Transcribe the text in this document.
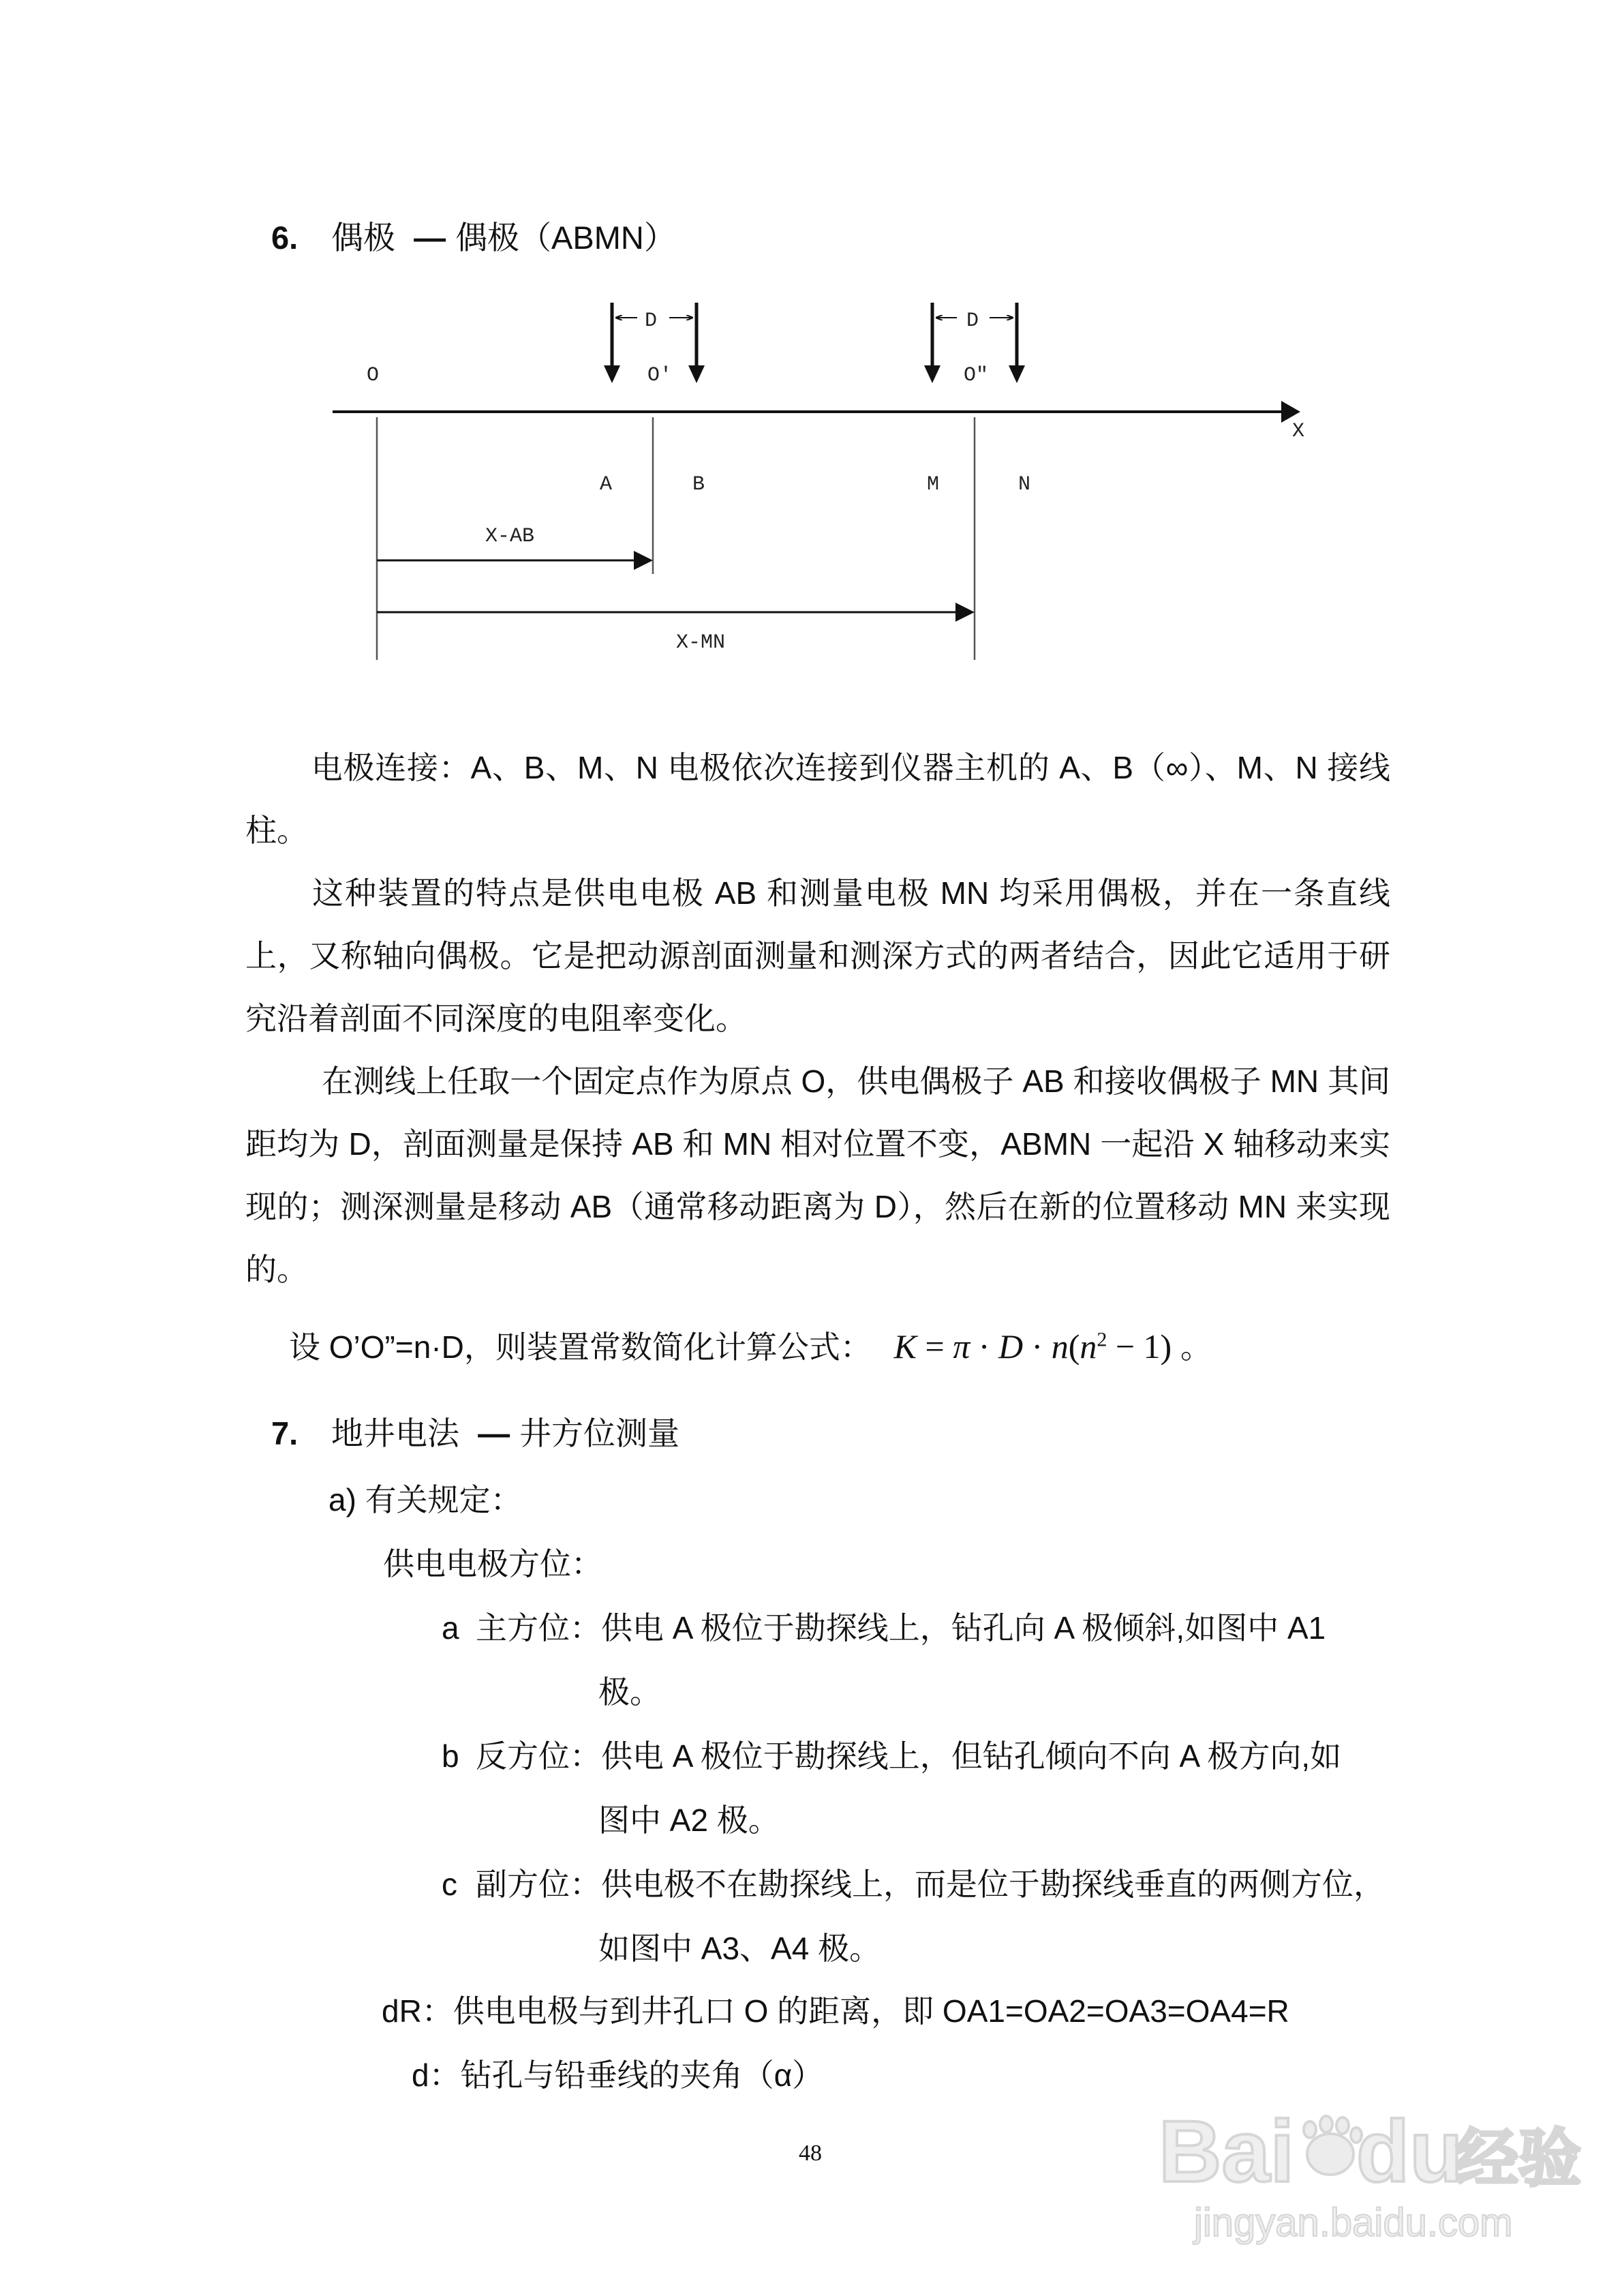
6. 偶极 — 偶极（ABMN）
O
D
O′
D
O″
X
A	B	M	N
X-AB
X-MN
电极连接：A、B、M、N 电极依次连接到仪器主机的 A、B（∞）、M、N 接线柱。
这种装置的特点是供电电极 AB 和测量电极 MN 均采用偶极，并在一条直线上，又称轴向偶极。它是把动源剖面测量和测深方式的两者结合，因此它适用于研究沿着剖面不同深度的电阻率变化。
在测线上任取一个固定点作为原点 O，供电偶极子 AB 和接收偶极子 MN 其间距均为 D，剖面测量是保持 AB 和 MN 相对位置不变，ABMN 一起沿 X 轴移动来实现的；测深测量是移动 AB（通常移动距离为 D），然后在新的位置移动 MN 来实现的。
设 O’O”=n·D，则装置常数简化计算公式： $K = \pi \cdot D \cdot n(n^2 - 1)$ 。
7. 地井电法 — 井方位测量
a) 有关规定：
供电电极方位：
a 主方位：供电 A 极位于勘探线上，钻孔向 A 极倾斜,如图中 A1
极。
b 反方位：供电 A 极位于勘探线上，但钻孔倾向不向 A 极方向,如
图中 A2 极。
c 副方位：供电极不在勘探线上，而是位于勘探线垂直的两侧方位，
如图中 A3、A4 极。
dR：供电电极与到井孔口 O 的距离，即 OA1=OA2=OA3=OA4=R
d：钻孔与铅垂线的夹角（α）
48	Bai du
经验
jingyan.baidu.com
